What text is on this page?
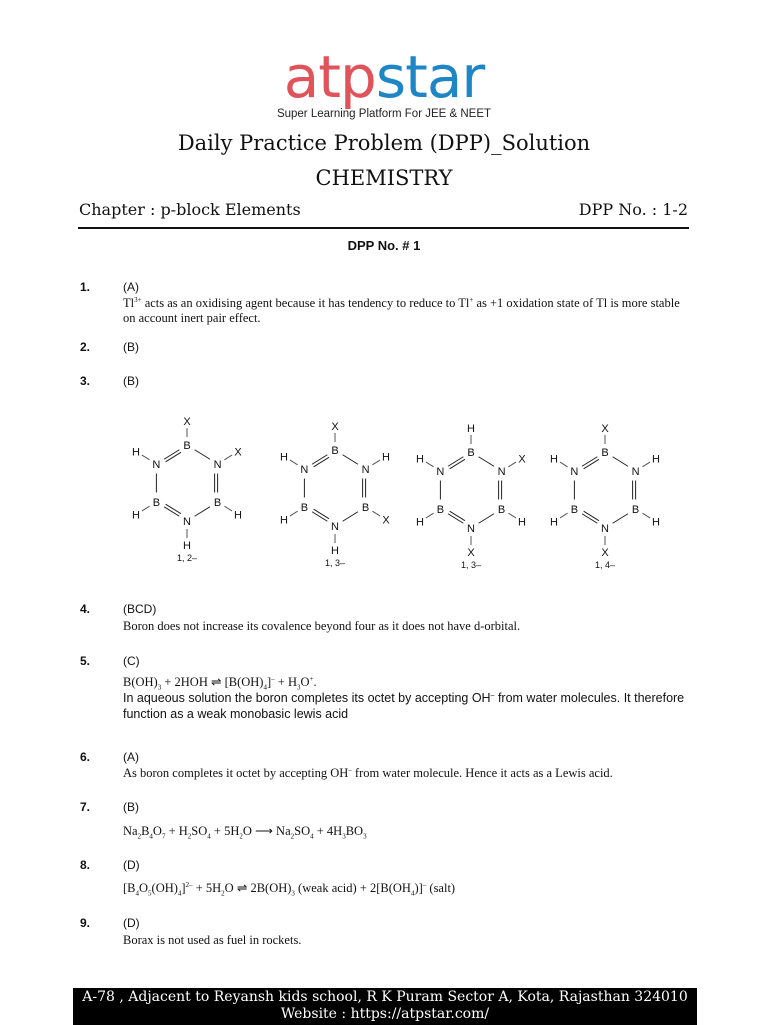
atpstar
Super Learning Platform For JEE & NEET
Daily Practice Problem (DPP)_Solution
CHEMISTRY
Chapter : p-block Elements	DPP No. : 1-2
DPP No. # 1
1.	(A)
$Tl^{3+}$ acts as an oxidising agent because it has tendency to reduce to Tl+ as +1 oxidation state of Tl is more stable
on account inert pair effect.
2.	(B)
3.	(B)
4.	(BCD)
Boron does not increase its covalence beyond four as it does not have d-orbital.
5.	(C)
$B(OH)_3 + 2HOH$ ⇌ $[B(OH)_4]^- + H_3O^+$.
In aqueous solution the boron completes its octet by accepting OH– from water molecules. It therefore
function as a weak monobasic lewis acid
6.	(A)
As boron completes it octet by accepting OH– from water molecule. Hence it acts as a Lewis acid.
7.	(B)
$Na_2B_4O_7 + H_2SO_4 + 5H_2O$ ⟶ $Na_2SO_4 + 4H_3BO_3$
8.	(D)
$[B_4O_5(OH)_4]^{2-} + 5H_2O$ ⇌ $2B(OH)_3$ (weak acid) + $2[B(OH_4)]^-$ (salt)
9.	(D)
Borax is not used as fuel in rockets.
B
X
N
X
B
H
N
H
B
H
N
H
1, 2–
B
X
N
H
B
X
N
H
B
H
N
H
1, 3–
B
H
N
X
B
H
N
X
B
H
N
H
1, 3–
B
X
N
H
B
H
N
X
B
H
N
H
1, 4–
A-78 , Adjacent to Reyansh kids school, R K Puram Sector A, Kota, Rajasthan 324010
Website : https://atpstar.com/
